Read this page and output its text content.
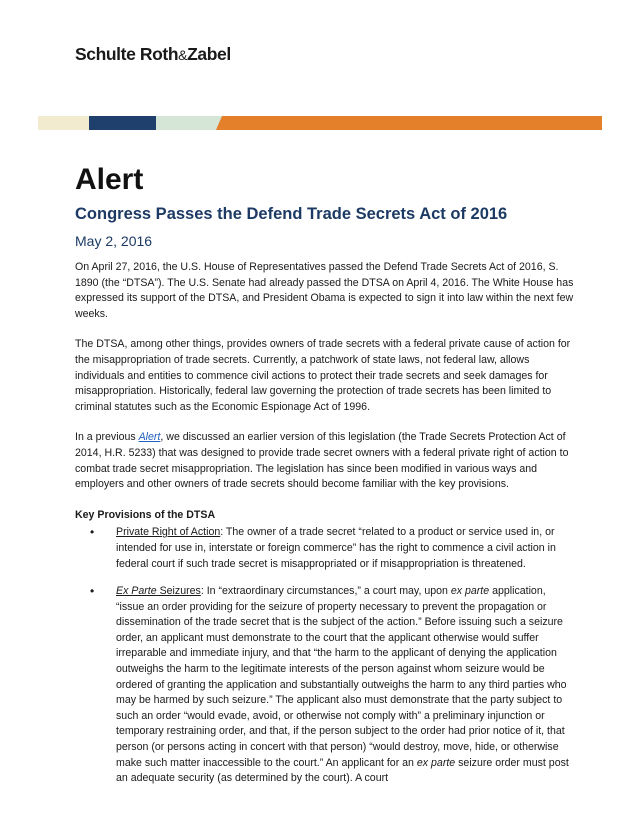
Schulte Roth&Zabel
Alert
Congress Passes the Defend Trade Secrets Act of 2016
May 2, 2016

On April 27, 2016, the U.S. House of Representatives passed the Defend Trade Secrets Act of 2016, S. 1890 (the “DTSA”). The U.S. Senate had already passed the DTSA on April 4, 2016. The White House has expressed its support of the DTSA, and President Obama is expected to sign it into law within the next few weeks.

The DTSA, among other things, provides owners of trade secrets with a federal private cause of action for the misappropriation of trade secrets. Currently, a patchwork of state laws, not federal law, allows individuals and entities to commence civil actions to protect their trade secrets and seek damages for misappropriation. Historically, federal law governing the protection of trade secrets has been limited to criminal statutes such as the Economic Espionage Act of 1996.

In a previous Alert, we discussed an earlier version of this legislation (the Trade Secrets Protection Act of 2014, H.R. 5233) that was designed to provide trade secret owners with a federal private right of action to combat trade secret misappropriation. The legislation has since been modified in various ways and employers and other owners of trade secrets should become familiar with the key provisions.

Key Provisions of the DTSA
• Private Right of Action: The owner of a trade secret “related to a product or service used in, or intended for use in, interstate or foreign commerce” has the right to commence a civil action in federal court if such trade secret is misappropriated or if misappropriation is threatened.
• Ex Parte Seizures: In “extraordinary circumstances,” a court may, upon ex parte application, “issue an order providing for the seizure of property necessary to prevent the propagation or dissemination of the trade secret that is the subject of the action.” Before issuing such a seizure order, an applicant must demonstrate to the court that the applicant otherwise would suffer irreparable and immediate injury, and that “the harm to the applicant of denying the application outweighs the harm to the legitimate interests of the person against whom seizure would be ordered of granting the application and substantially outweighs the harm to any third parties who may be harmed by such seizure.” The applicant also must demonstrate that the party subject to such an order “would evade, avoid, or otherwise not comply with” a preliminary injunction or temporary restraining order, and that, if the person subject to the order had prior notice of it, that person (or persons acting in concert with that person) “would destroy, move, hide, or otherwise make such matter inaccessible to the court.” An applicant for an ex parte seizure order must post an adequate security (as determined by the court). A court
